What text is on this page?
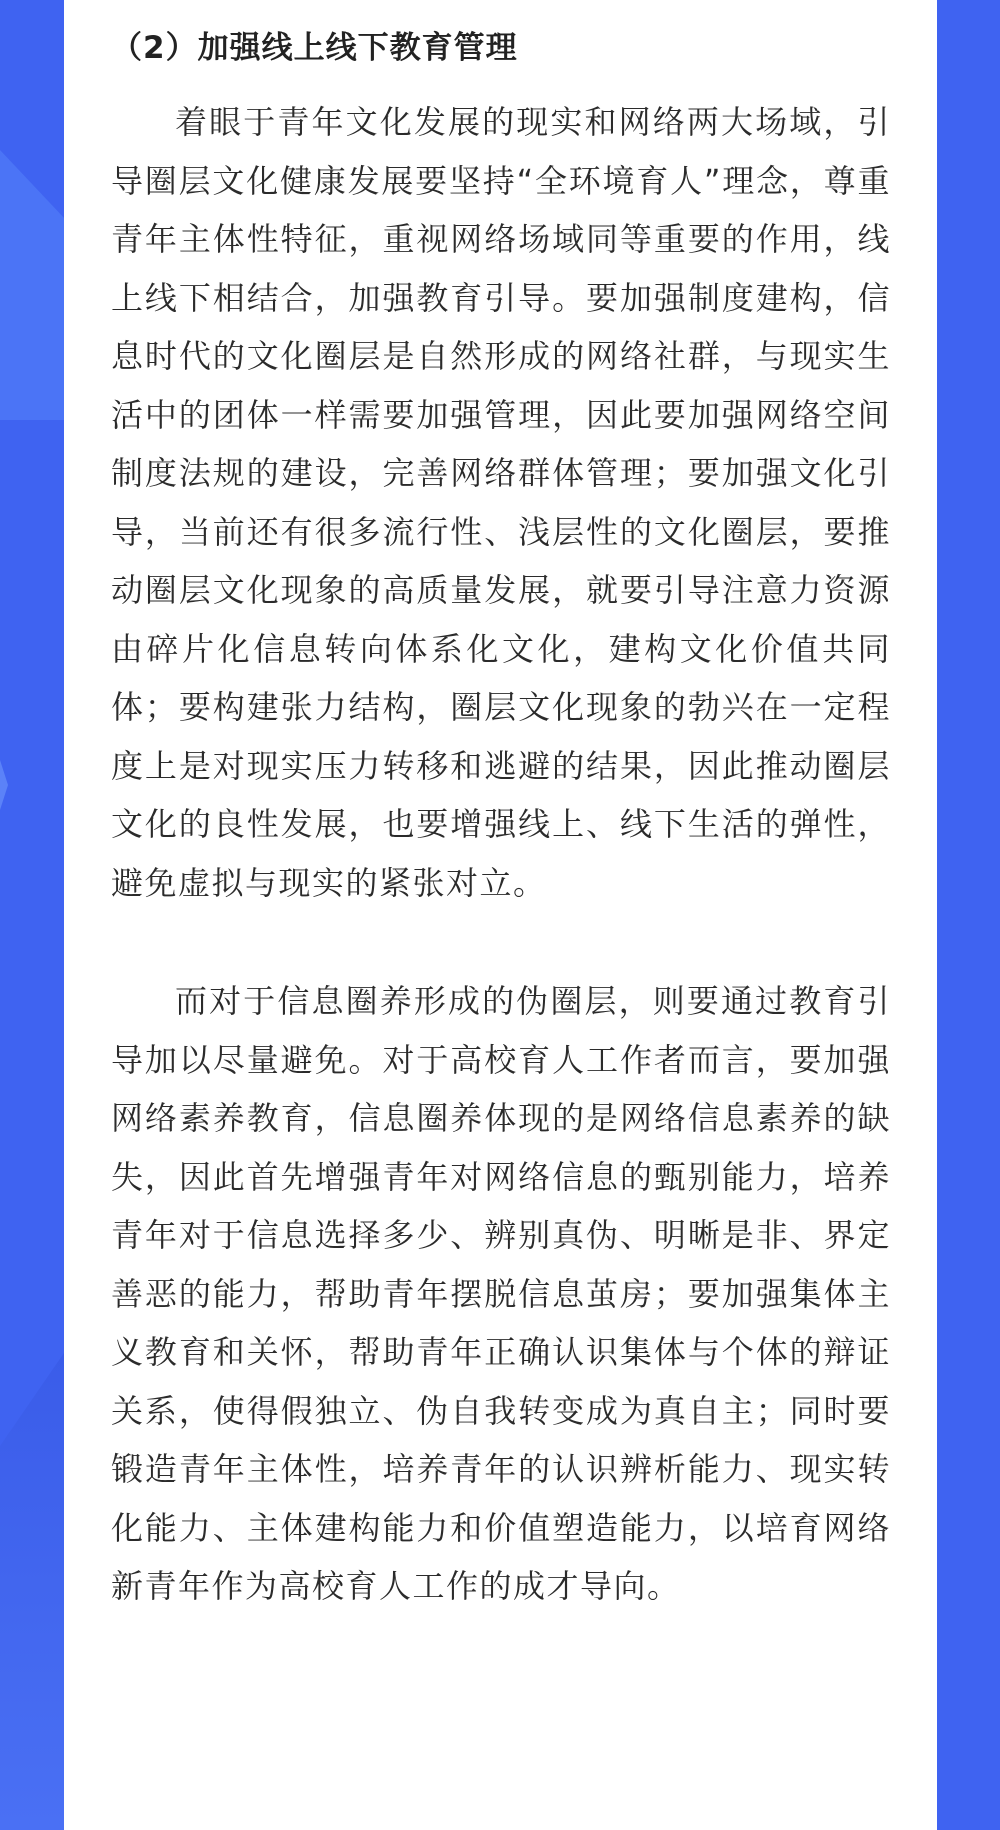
（2）加强线上线下教育管理

着眼于青年文化发展的现实和网络两大场域，引导圈层文化健康发展要坚持“全环境育人”理念，尊重青年主体性特征，重视网络场域同等重要的作用，线上线下相结合，加强教育引导。要加强制度建构，信息时代的文化圈层是自然形成的网络社群，与现实生活中的团体一样需要加强管理，因此要加强网络空间制度法规的建设，完善网络群体管理；要加强文化引导，当前还有很多流行性、浅层性的文化圈层，要推动圈层文化现象的高质量发展，就要引导注意力资源由碎片化信息转向体系化文化，建构文化价值共同体；要构建张力结构，圈层文化现象的勃兴在一定程度上是对现实压力转移和逃避的结果，因此推动圈层文化的良性发展，也要增强线上、线下生活的弹性，避免虚拟与现实的紧张对立。

而对于信息圈养形成的伪圈层，则要通过教育引导加以尽量避免。对于高校育人工作者而言，要加强网络素养教育，信息圈养体现的是网络信息素养的缺失，因此首先增强青年对网络信息的甄别能力，培养青年对于信息选择多少、辨别真伪、明晰是非、界定善恶的能力，帮助青年摆脱信息茧房；要加强集体主义教育和关怀，帮助青年正确认识集体与个体的辩证关系，使得假独立、伪自我转变成为真自主；同时要锻造青年主体性，培养青年的认识辨析能力、现实转化能力、主体建构能力和价值塑造能力，以培育网络新青年作为高校育人工作的成才导向。
